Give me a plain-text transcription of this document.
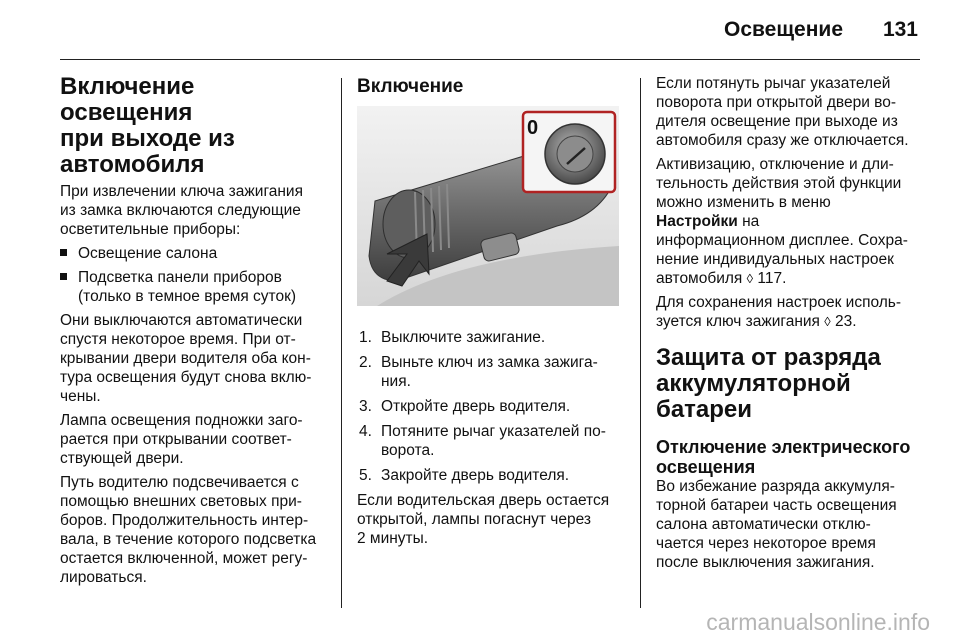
Освещение 131
Включение освещения
при выходе из
автомобиля

При извлечении ключа зажигания
из замка включаются следующие
осветительные приборы:

Освещение салона
Подсветка панели приборов
(только в темное время суток)

Они выключаются автоматически
спустя некоторое время. При от-
крывании двери водителя оба кон-
тура освещения будут снова вклю-
чены.

Лампа освещения подножки заго-
рается при открывании соответ-
ствующей двери.

Путь водителю подсвечивается с
помощью внешних световых при-
боров. Продолжительность интер-
вала, в течение которого подсветка
остается включенной, может регу-
лироваться.

Включение
0
1. Выключите зажигание.
2. Выньте ключ из замка зажига-
ния.
3. Откройте дверь водителя.
4. Потяните рычаг указателей по-
ворота.
5. Закройте дверь водителя.

Если водительская дверь остается
открытой, лампы погаснут через
2 минуты.

Если потянуть рычаг указателей
поворота при открытой двери во-
дителя освещение при выходе из
автомобиля сразу же отключается.

Активизацию, отключение и дли-
тельность действия этой функции
можно изменить в меню
Настройки на
информационном дисплее. Сохра-
нение индивидуальных настроек
автомобиля ◊ 117.

Для сохранения настроек исполь-
зуется ключ зажигания ◊ 23.

Защита от разряда
аккумуляторной батареи
Отключение электрического
освещения

Во избежание разряда аккумуля-
торной батареи часть освещения
салона автоматически отклю-
чается через некоторое время
после выключения зажигания.

carmanualsonline.info
